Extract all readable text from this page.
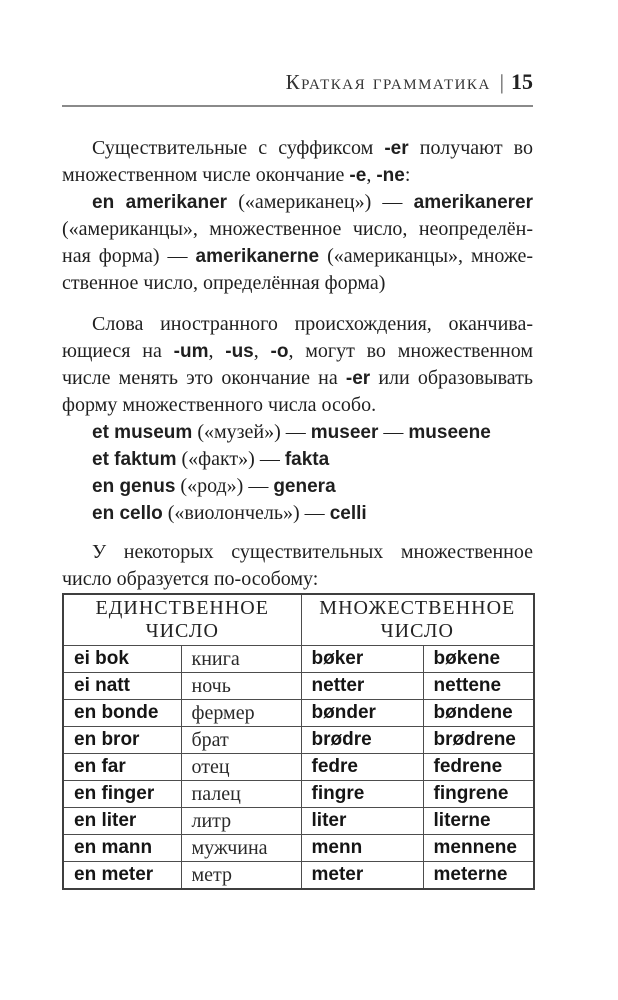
Краткая грамматика | 15

Существительные с суффиксом -er получают во

множественном числе окончание -e, -ne:

en amerikaner («американец») — amerikanerer

(«американцы», множественное число, неопределён-

ная форма) — amerikanerne («американцы», множе-

ственное число, определённая форма)

Слова иностранного происхождения, оканчива-

ющиеся на -um, -us, -o, могут во множественном

числе менять это окончание на -er или образовывать

форму множественного числа особо.

et museum («музей») — museer — museene

et faktum («факт») — fakta

en genus («род») — genera

en cello («виолончель») — celli

У некоторых существительных множественное

число образуется по-особому:

ЕДИНСТВЕННОЕ ЧИСЛО		МНОЖЕСТВЕННОЕ ЧИСЛО	
ei bok	книга	bøker	bøkene
ei natt	ночь	netter	nettene
en bonde	фермер	bønder	bøndene
en bror	брат	brødre	brødrene
en far	отец	fedre	fedrene
en finger	палец	fingre	fingrene
en liter	литр	liter	literne
en mann	мужчина	menn	mennene
en meter	метр	meter	meterne
